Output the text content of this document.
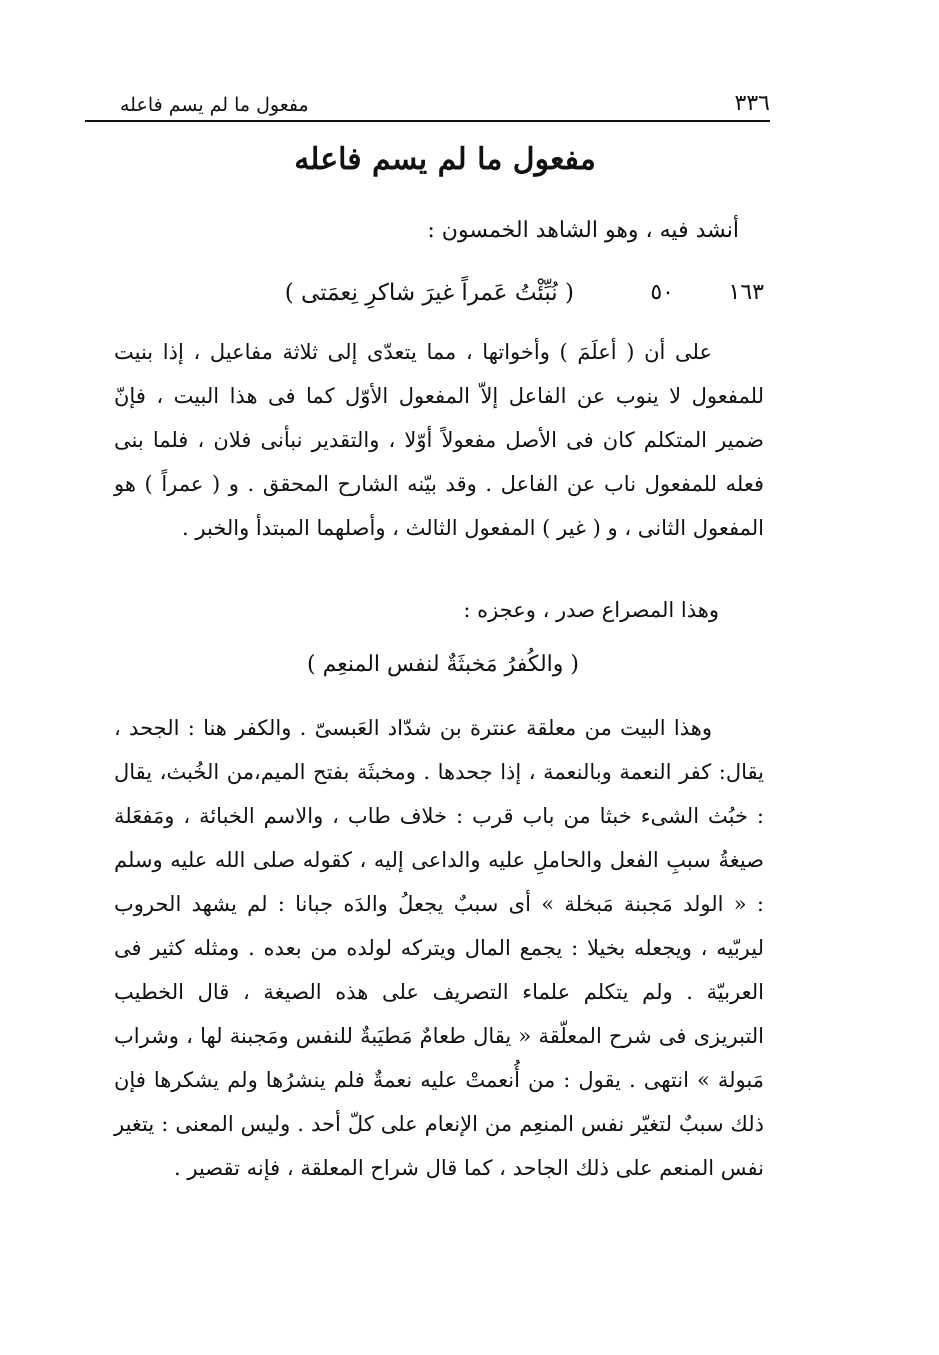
٣٣٦
مفعول ما لم يسم فاعله
مفعول ما لم يسم فاعله
أنشد فيه ، وهو الشاهد الخمسون :
١٦٣
٥٠
( نُبِّئْتُ عَمراً غيرَ شاكرِ نِعمَتى )

على أن ( أعلَمَ ) وأخواتها ، مما يتعدّى إلى ثلاثة مفاعيل ، إذا بنيت للمفعول لا ينوب عن الفاعل إلاّ المفعول الأوّل كما فى هذا البيت ، فإنّ ضمير المتكلم كان فى الأصل مفعولاً أوّلا ، والتقدير نبأنى فلان ، فلما بنى فعله للمفعول ناب عن الفاعل . وقد بيّنه الشارح المحقق . و ( عمراً ) هو المفعول الثانى ، و ( غير ) المفعول الثالث ، وأصلهما المبتدأ والخبر .

وهذا المصراع صدر ، وعجزه :
( والكُفرُ مَخبثَةٌ لنفس المنعِم )

وهذا البيت من معلقة عنترة بن شدّاد العَبسىّ . والكفر هنا : الجحد ، يقال: كفر النعمة وبالنعمة ، إذا جحدها . ومخبثَة بفتح الميم،من الخُبث، يقال : خبُث الشىء خبثا من باب قرب : خلاف طاب ، والاسم الخبائة ، ومَفعَلة صيغةُ سببِ الفعل والحاملِ عليه والداعى إليه ، كقوله صلى الله عليه وسلم : « الولد مَجبنة مَبخلة » أى سببٌ يجعلُ والدَه جبانا : لم يشهد الحروب ليربّيه ، ويجعله بخيلا : يجمع المال ويتركه لولده من بعده . ومثله كثير فى العربيّة . ولم يتكلم علماء التصريف على هذه الصيغة ، قال الخطيب التبريزى فى شرح المعلّقة « يقال طعامٌ مَطيَبةٌ للنفس ومَجبنة لها ، وشراب مَبولة » انتهى . يقول : من أُنعمتْ عليه نعمةٌ فلم ينشرُها ولم يشكرها فإن ذلك سببٌ لتغيّر نفس المنعِم من الإنعام على كلّ أحد . وليس المعنى : يتغير نفس المنعم على ذلك الجاحد ، كما قال شراح المعلقة ، فإنه تقصير .
